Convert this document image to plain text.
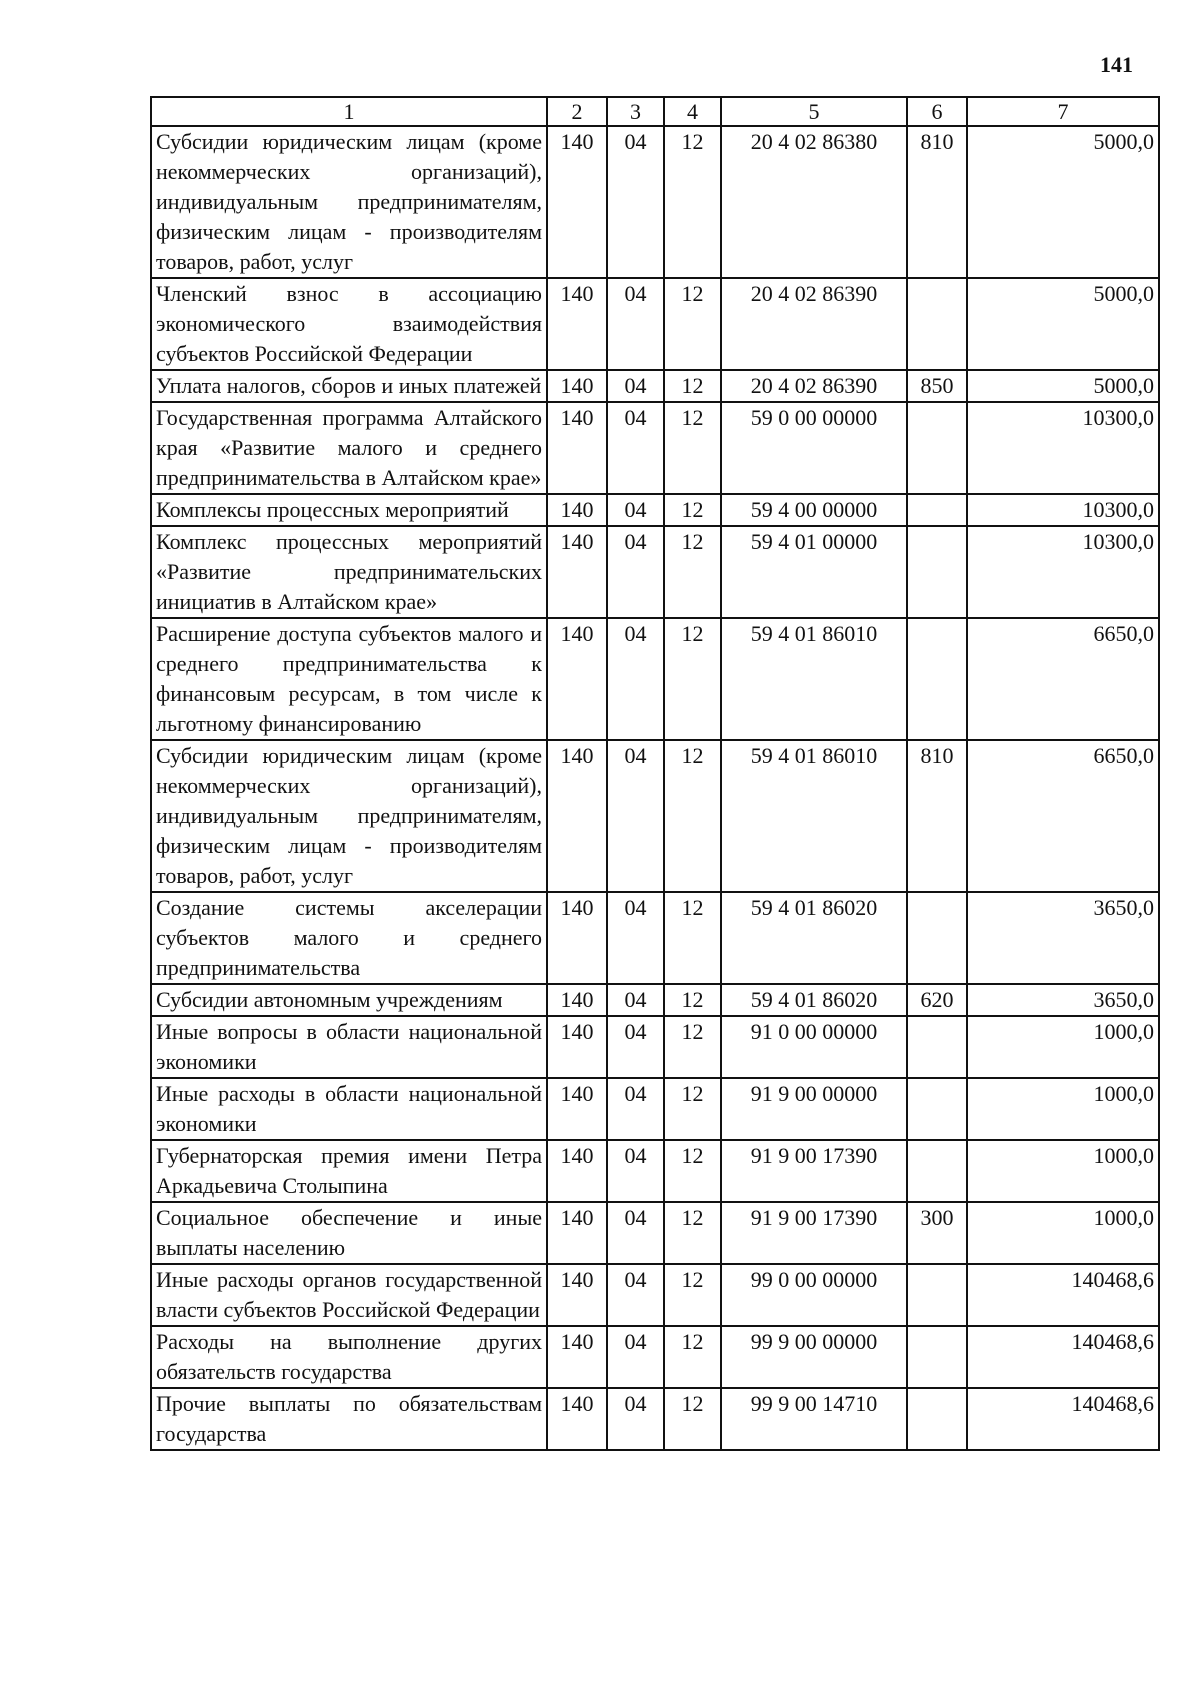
141
1	2	3	4	5	6	7
Субсидии юридическим лицам (кроме некоммерческих организаций), индивидуальным предпринимателям, физическим лицам - производителям товаров, работ, услуг	140	04	12	20 4 02 86380	810	5000,0
Членский взнос в ассоциацию экономического взаимодействия субъектов Российской Федерации	140	04	12	20 4 02 86390		5000,0
Уплата налогов, сборов и иных платежей	140	04	12	20 4 02 86390	850	5000,0
Государственная программа Алтайского края «Развитие малого и среднего предпринимательства в Алтайском крае»	140	04	12	59 0 00 00000		10300,0
Комплексы процессных мероприятий	140	04	12	59 4 00 00000		10300,0
Комплекс процессных мероприятий «Развитие предпринимательских инициатив в Алтайском крае»	140	04	12	59 4 01 00000		10300,0
Расширение доступа субъектов малого и среднего предпринимательства к финансовым ресурсам, в том числе к льготному финансированию	140	04	12	59 4 01 86010		6650,0
Субсидии юридическим лицам (кроме некоммерческих организаций), индивидуальным предпринимателям, физическим лицам - производителям товаров, работ, услуг	140	04	12	59 4 01 86010	810	6650,0
Создание системы акселерации субъектов малого и среднего предпринимательства	140	04	12	59 4 01 86020		3650,0
Субсидии автономным учреждениям	140	04	12	59 4 01 86020	620	3650,0
Иные вопросы в области национальной экономики	140	04	12	91 0 00 00000		1000,0
Иные расходы в области национальной экономики	140	04	12	91 9 00 00000		1000,0
Губернаторская премия имени Петра Аркадьевича Столыпина	140	04	12	91 9 00 17390		1000,0
Социальное обеспечение и иные выплаты населению	140	04	12	91 9 00 17390	300	1000,0
Иные расходы органов государственной власти субъектов Российской Федерации	140	04	12	99 0 00 00000		140468,6
Расходы на выполнение других обязательств государства	140	04	12	99 9 00 00000		140468,6
Прочие выплаты по обязательствам государства	140	04	12	99 9 00 14710		140468,6
